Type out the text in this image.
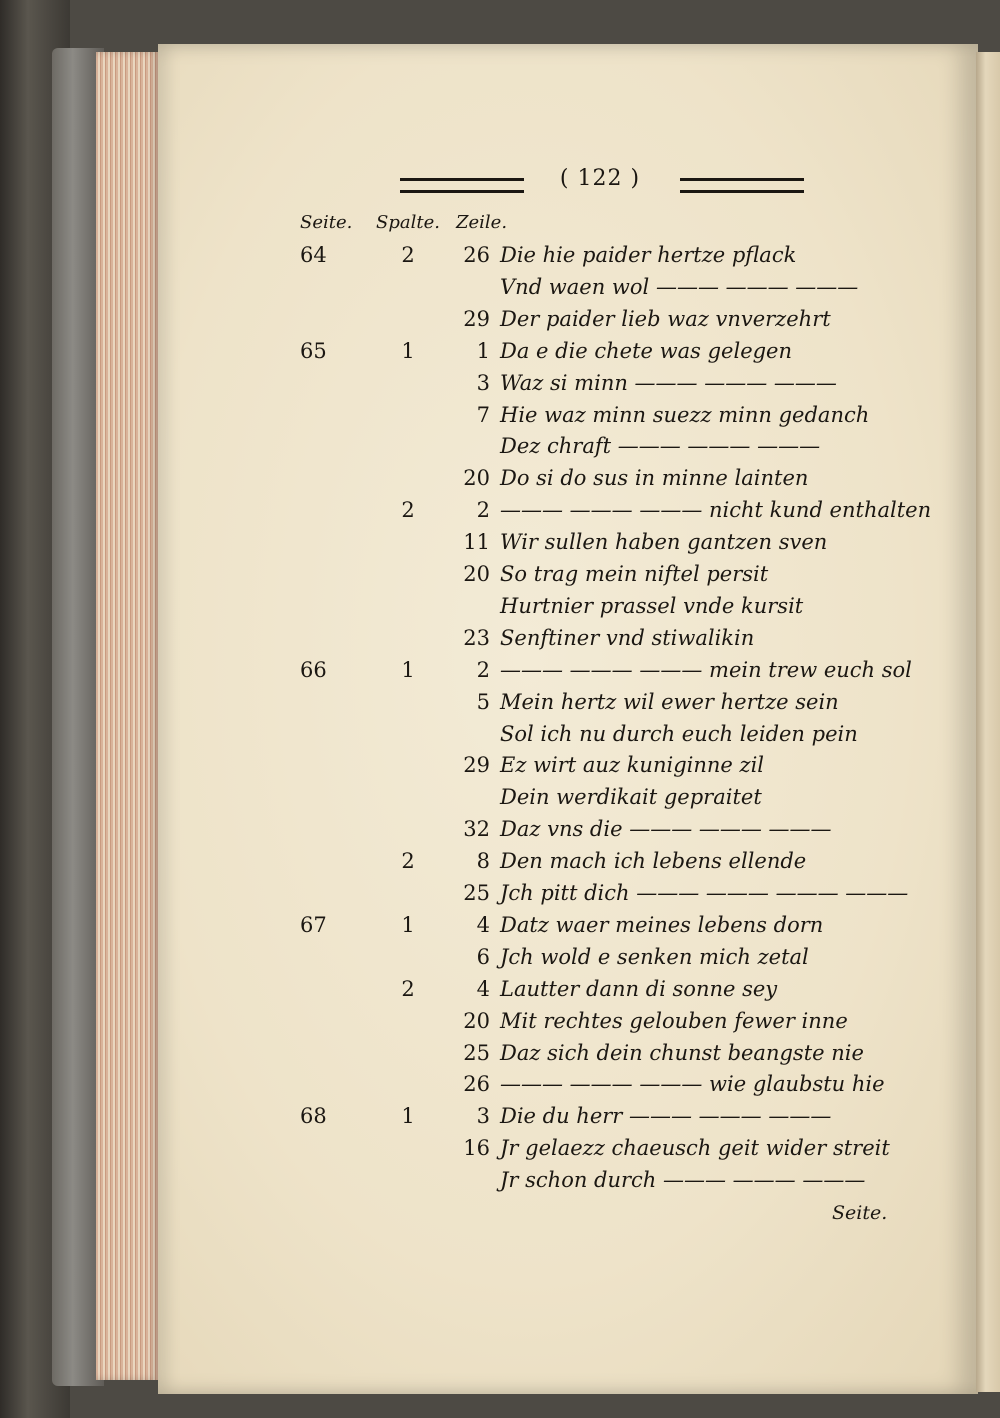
( 122 )
Seite. Spalte. Zeile.
64	2	26 Die hie paider hertze pflack
Vnd waen wol ——— ——— ———
29 Der paider lieb waz vnverzehrt
65	1	1 Da e die chete was gelegen
3 Waz si minn ——— ——— ———
7 Hie waz minn suezz minn gedanch
Dez chraft ——— ——— ———
20 Do si do sus in minne lainten
2	2 ——— ——— ——— nicht kund enthalten
11 Wir sullen haben gantzen sven
20 So trag mein niftel persit
Hurtnier prassel vnde kursit
23 Senftiner vnd stiwalikin
66	1	2 ——— ——— ——— mein trew euch sol
5 Mein hertz wil ewer hertze sein
Sol ich nu durch euch leiden pein
29 Ez wirt auz kuniginne zil
Dein werdikait gepraitet
32 Daz vns die ——— ——— ———
2	8 Den mach ich lebens ellende
25 Jch pitt dich ——— ——— ——— ———
67	1	4 Datz waer meines lebens dorn
6 Jch wold e senken mich zetal
2	4 Lautter dann di sonne sey
20 Mit rechtes gelouben fewer inne
25 Daz sich dein chunst beangste nie
26 ——— ——— ——— wie glaubstu hie
68	1	3 Die du herr ——— ——— ———
16 Jr gelaezz chaeusch geit wider streit
Jr schon durch ——— ——— ———
Seite.
